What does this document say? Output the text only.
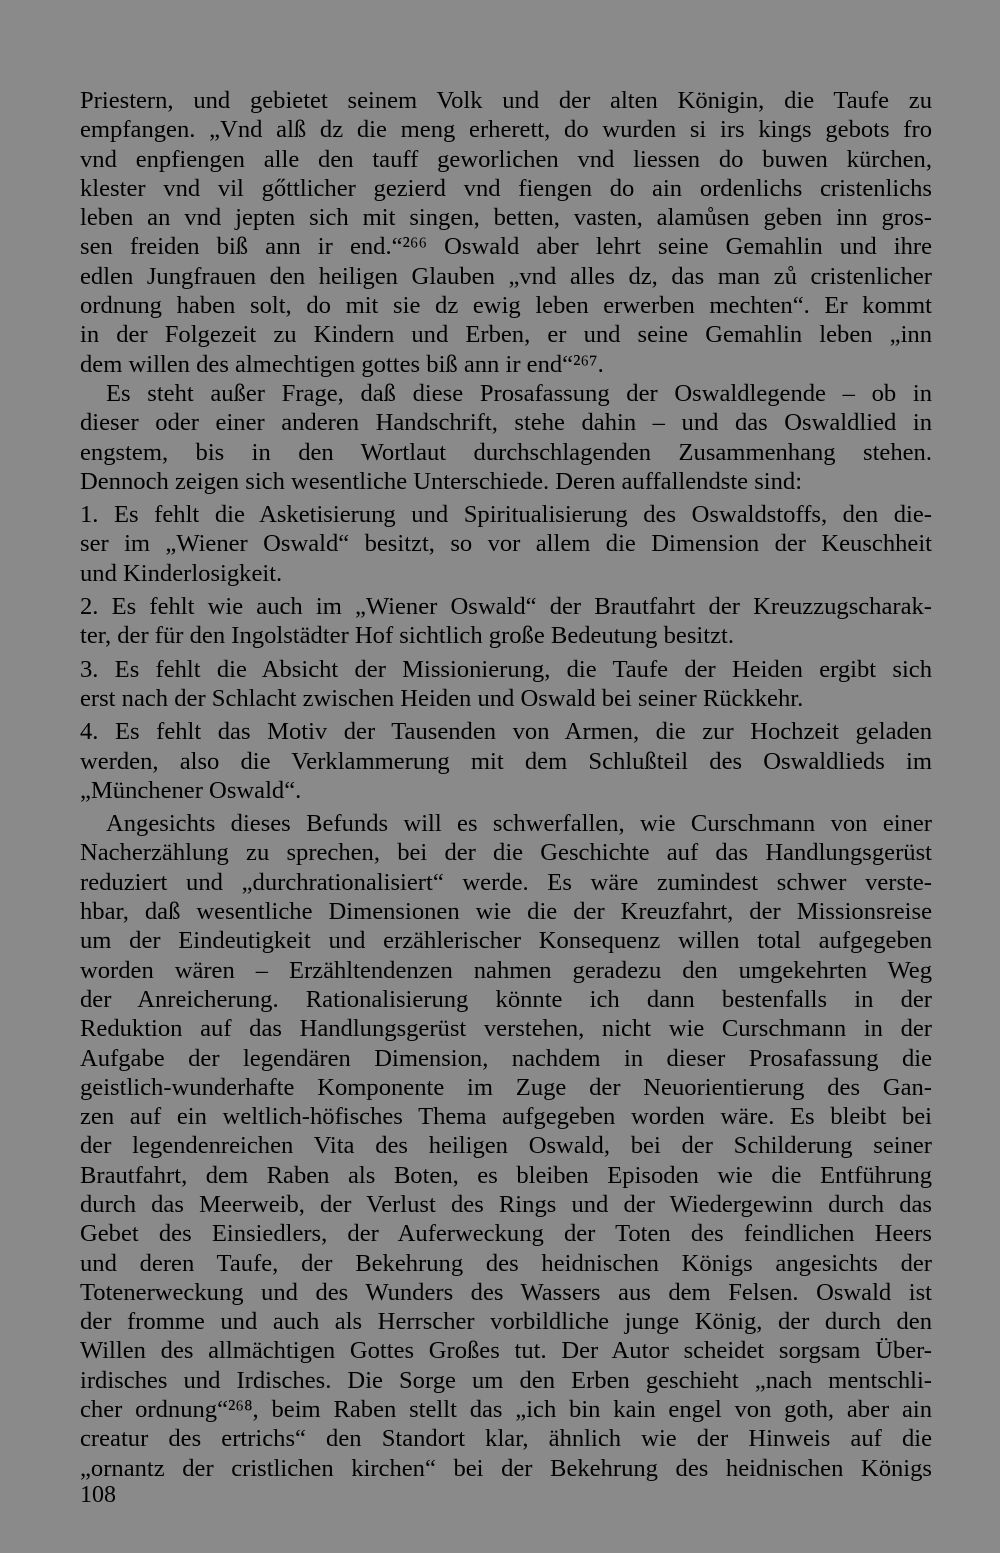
Priestern, und gebietet seinem Volk und der alten Königin, die Taufe zu
empfangen. „Vnd alß dz die meng erherett, do wurden si irs kings gebots fro
vnd enpfiengen alle den tauff geworlichen vnd liessen do buwen kürchen,
klester vnd vil gőttlicher gezierd vnd fiengen do ain ordenlichs cristenlichs
leben an vnd jepten sich mit singen, betten, vasten, alamůsen geben inn gros-
sen freiden biß ann ir end.“²⁶⁶ Oswald aber lehrt seine Gemahlin und ihre
edlen Jungfrauen den heiligen Glauben „vnd alles dz, das man zů cristenlicher
ordnung haben solt, do mit sie dz ewig leben erwerben mechten“. Er kommt
in der Folgezeit zu Kindern und Erben, er und seine Gemahlin leben „inn
dem willen des almechtigen gottes biß ann ir end“²⁶⁷.
Es steht außer Frage, daß diese Prosafassung der Oswaldlegende – ob in
dieser oder einer anderen Handschrift, stehe dahin – und das Oswaldlied in
engstem, bis in den Wortlaut durchschlagenden Zusammenhang stehen.
Dennoch zeigen sich wesentliche Unterschiede. Deren auffallendste sind:
1. Es fehlt die Asketisierung und Spiritualisierung des Oswaldstoffs, den die-
ser im „Wiener Oswald“ besitzt, so vor allem die Dimension der Keuschheit
und Kinderlosigkeit.
2. Es fehlt wie auch im „Wiener Oswald“ der Brautfahrt der Kreuzzugscharak-
ter, der für den Ingolstädter Hof sichtlich große Bedeutung besitzt.
3. Es fehlt die Absicht der Missionierung, die Taufe der Heiden ergibt sich
erst nach der Schlacht zwischen Heiden und Oswald bei seiner Rückkehr.
4. Es fehlt das Motiv der Tausenden von Armen, die zur Hochzeit geladen
werden, also die Verklammerung mit dem Schlußteil des Oswaldlieds im
„Münchener Oswald“.
Angesichts dieses Befunds will es schwerfallen, wie Curschmann von einer
Nacherzählung zu sprechen, bei der die Geschichte auf das Handlungsgerüst
reduziert und „durchrationalisiert“ werde. Es wäre zumindest schwer verste-
hbar, daß wesentliche Dimensionen wie die der Kreuzfahrt, der Missionsreise
um der Eindeutigkeit und erzählerischer Konsequenz willen total aufgegeben
worden wären – Erzähltendenzen nahmen geradezu den umgekehrten Weg
der Anreicherung. Rationalisierung könnte ich dann bestenfalls in der
Reduktion auf das Handlungsgerüst verstehen, nicht wie Curschmann in der
Aufgabe der legendären Dimension, nachdem in dieser Prosafassung die
geistlich-wunderhafte Komponente im Zuge der Neuorientierung des Gan-
zen auf ein weltlich-höfisches Thema aufgegeben worden wäre. Es bleibt bei
der legendenreichen Vita des heiligen Oswald, bei der Schilderung seiner
Brautfahrt, dem Raben als Boten, es bleiben Episoden wie die Entführung
durch das Meerweib, der Verlust des Rings und der Wiedergewinn durch das
Gebet des Einsiedlers, der Auferweckung der Toten des feindlichen Heers
und deren Taufe, der Bekehrung des heidnischen Königs angesichts der
Totenerweckung und des Wunders des Wassers aus dem Felsen. Oswald ist
der fromme und auch als Herrscher vorbildliche junge König, der durch den
Willen des allmächtigen Gottes Großes tut. Der Autor scheidet sorgsam Über-
irdisches und Irdisches. Die Sorge um den Erben geschieht „nach mentschli-
cher ordnung“²⁶⁸, beim Raben stellt das „ich bin kain engel von goth, aber ain
creatur des ertrichs“ den Standort klar, ähnlich wie der Hinweis auf die
„ornantz der cristlichen kirchen“ bei der Bekehrung des heidnischen Königs
108
